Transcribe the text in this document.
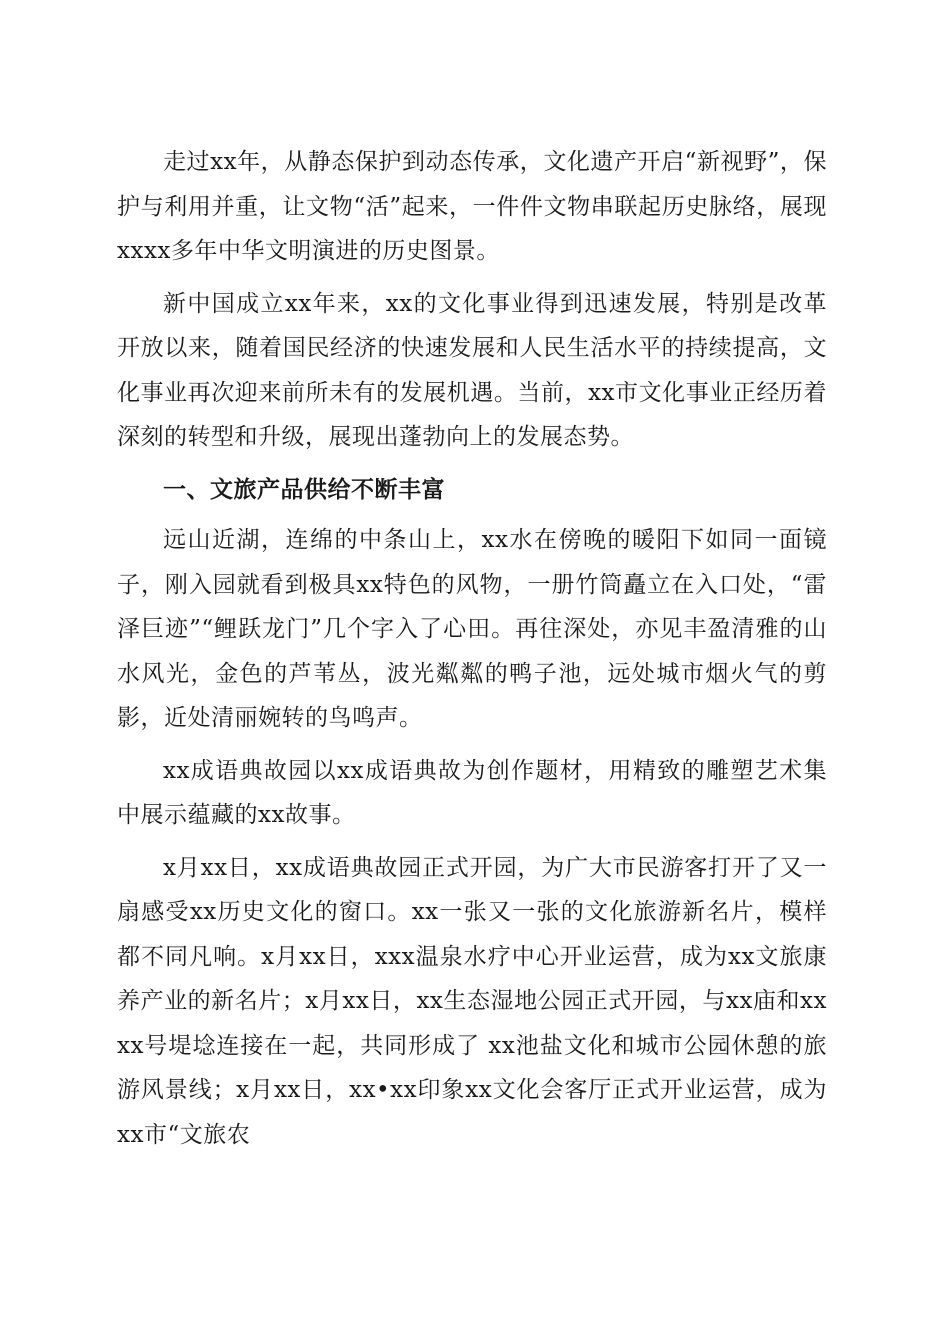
走过xx年，从静态保护到动态传承，文化遗产开启“新视野”，保护与利用并重，让文物“活”起来，一件件文物串联起历史脉络，展现xxxx多年中华文明演进的历史图景。

新中国成立xx年来，xx的文化事业得到迅速发展，特别是改革开放以来，随着国民经济的快速发展和人民生活水平的持续提高，文化事业再次迎来前所未有的发展机遇。当前，xx市文化事业正经历着深刻的转型和升级，展现出蓬勃向上的发展态势。

一、文旅产品供给不断丰富

远山近湖，连绵的中条山上，xx水在傍晚的暖阳下如同一面镜子，刚入园就看到极具xx特色的风物，一册竹筒矗立在入口处，“雷泽巨迹”“鲤跃龙门”几个字入了心田。再往深处，亦见丰盈清雅的山水风光，金色的芦苇丛，波光粼粼的鸭子池，远处城市烟火气的剪影，近处清丽婉转的鸟鸣声。

xx成语典故园以xx成语典故为创作题材，用精致的雕塑艺术集中展示蕴藏的xx故事。

x月xx日，xx成语典故园正式开园，为广大市民游客打开了又一扇感受xx历史文化的窗口。xx一张又一张的文化旅游新名片，模样都不同凡响。x月xx日，xxx温泉水疗中心开业运营，成为xx文旅康养产业的新名片；x月xx日，xx生态湿地公园正式开园，与xx庙和xxxx号堤埝连接在一起，共同形成了 xx池盐文化和城市公园休憩的旅游风景线；x月xx日，xx•xx印象xx文化会客厅正式开业运营，成为xx市“文旅农
